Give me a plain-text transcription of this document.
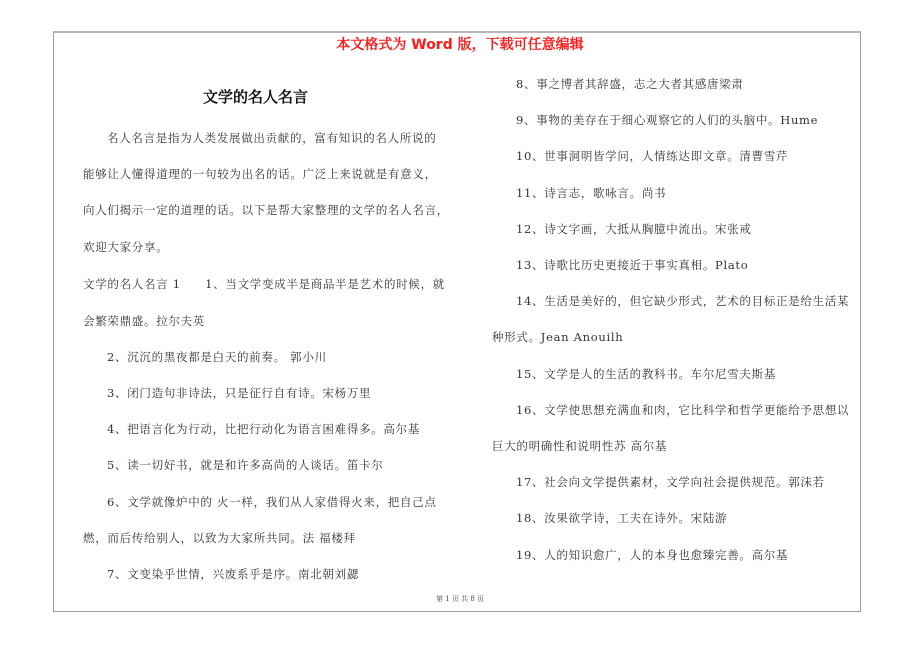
本文格式为 Word 版，下载可任意编辑
文学的名人名言
名人名言是指为人类发展做出贡献的，富有知识的名人所说的
能够让人懂得道理的一句较为出名的话。广泛上来说就是有意义，
向人们揭示一定的道理的话。以下是帮大家整理的文学的名人名言，
欢迎大家分享。
文学的名人名言 1　　1、当文学变成半是商品半是艺术的时候，就
会繁荣鼎盛。拉尔夫英
2、沉沉的黑夜都是白天的前奏。 郭小川
3、闭门造句非诗法，只是征行自有诗。宋杨万里
4、把语言化为行动，比把行动化为语言困难得多。高尔基
5、读一切好书，就是和许多高尚的人谈话。笛卡尔
6、文学就像炉中的 火一样，我们从人家借得火来，把自己点
燃，而后传给别人，以致为大家所共同。法 福楼拜
7、文变染乎世情，兴废系乎是序。南北朝刘勰
8、事之博者其辞盛，志之大者其感唐梁肃
9、事物的美存在于细心观察它的人们的头脑中。Hume
10、世事洞明皆学问，人情练达即文章。清曹雪芹
11、诗言志，歌咏言。尚书
12、诗文字画，大抵从胸臆中流出。宋张戒
13、诗歌比历史更接近于事实真相。Plato
14、生活是美好的，但它缺少形式，艺术的目标正是给生活某
种形式。Jean Anouilh
15、文学是人的生活的教科书。车尔尼雪夫斯基
16、文学使思想充满血和肉，它比科学和哲学更能给予思想以
巨大的明确性和说明性苏 高尔基
17、社会向文学提供素材，文学向社会提供规范。郭沫若
18、汝果欲学诗，工夫在诗外。宋陆游
19、人的知识愈广，人的本身也愈臻完善。高尔基
第 1 页 共 8 页
